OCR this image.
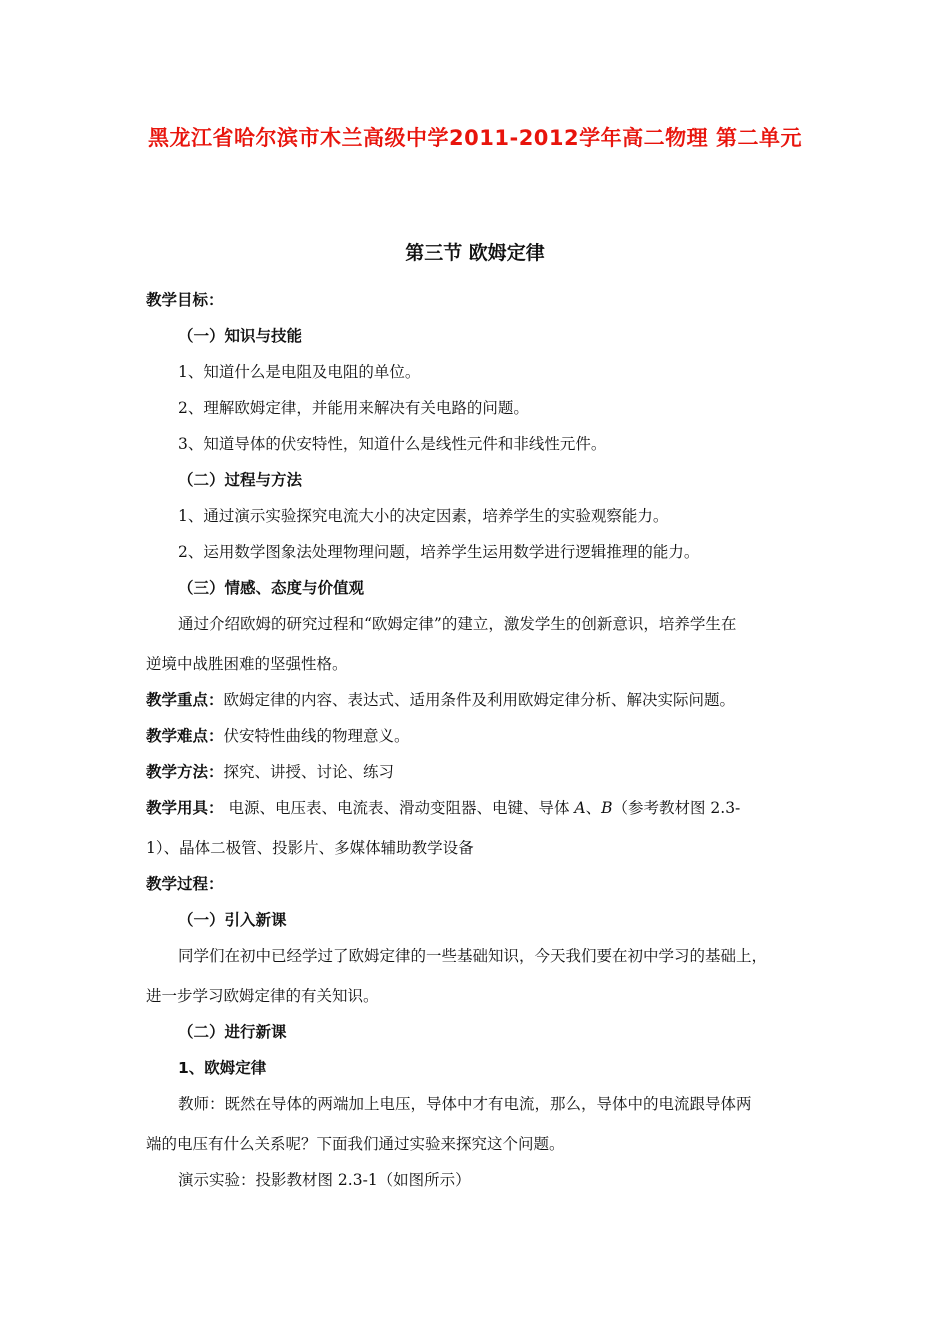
黑龙江省哈尔滨市木兰高级中学2011-2012学年高二物理 第二单元
第三节 欧姆定律
教学目标：
（一）知识与技能
1、知道什么是电阻及电阻的单位。
2、理解欧姆定律，并能用来解决有关电路的问题。
3、知道导体的伏安特性，知道什么是线性元件和非线性元件。
（二）过程与方法
1、通过演示实验探究电流大小的决定因素，培养学生的实验观察能力。
2、运用数学图象法处理物理问题，培养学生运用数学进行逻辑推理的能力。
（三）情感、态度与价值观
通过介绍欧姆的研究过程和“欧姆定律”的建立，激发学生的创新意识，培养学生在
逆境中战胜困难的坚强性格。
教学重点：欧姆定律的内容、表达式、适用条件及利用欧姆定律分析、解决实际问题。
教学难点：伏安特性曲线的物理意义。
教学方法：探究、讲授、讨论、练习
教学用具： 电源、电压表、电流表、滑动变阻器、电键、导体 A、B（参考教材图 2.3-
1）、晶体二极管、投影片、多媒体辅助教学设备
教学过程：
（一）引入新课
同学们在初中已经学过了欧姆定律的一些基础知识，今天我们要在初中学习的基础上，
进一步学习欧姆定律的有关知识。
（二）进行新课
1、欧姆定律
教师：既然在导体的两端加上电压，导体中才有电流，那么，导体中的电流跟导体两
端的电压有什么关系呢？下面我们通过实验来探究这个问题。
演示实验：投影教材图 2.3-1（如图所示）
